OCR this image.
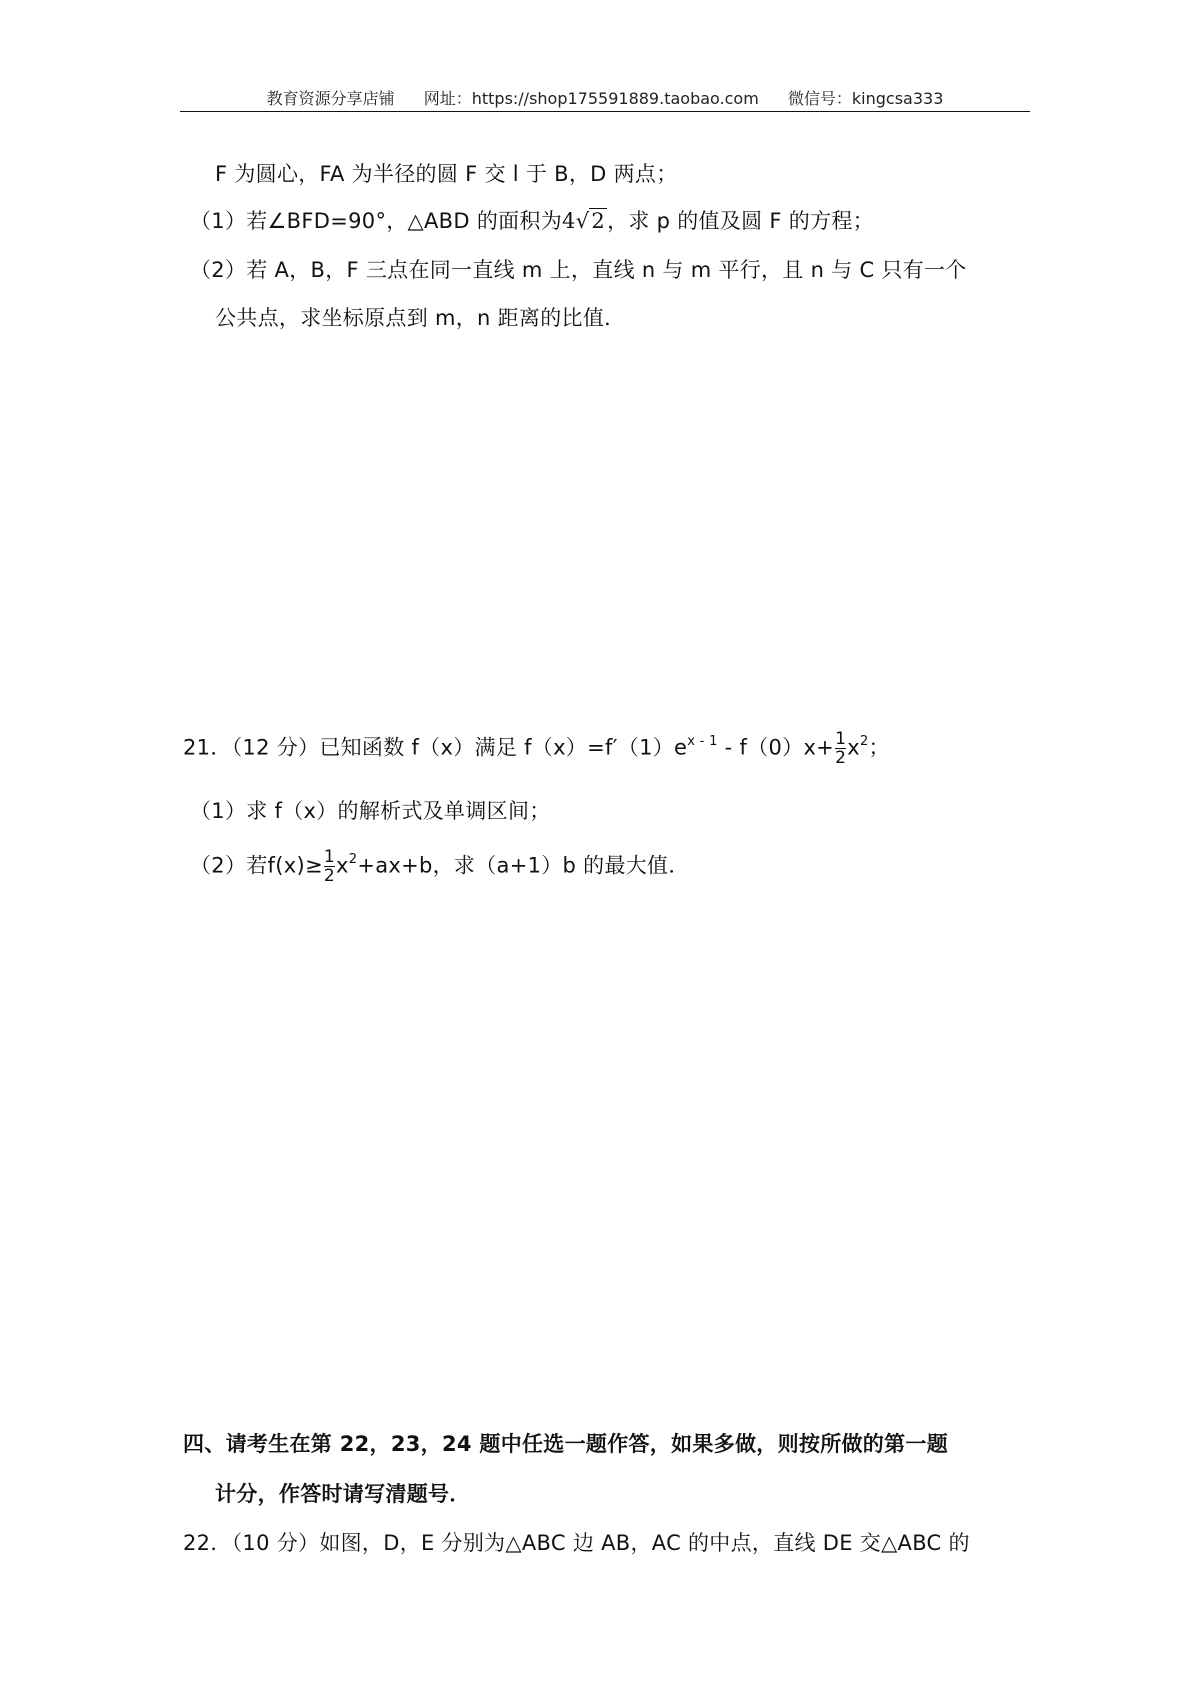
教育资源分享店铺 网址：https://shop175591889.taobao.com 微信号：kingcsa333
F 为圆心，FA 为半径的圆 F 交 l 于 B，D 两点；
（1）若∠BFD=90°，△ABD 的面积为4√2，求 p 的值及圆 F 的方程；
（2）若 A，B，F 三点在同一直线 m 上，直线 n 与 m 平行，且 n 与 C 只有一个
公共点，求坐标原点到 m，n 距离的比值．
21．（12 分）已知函数 f（x）满足 $f(x)=f'(1)e^{x - 1} - f(0)x+ \frac{1}{2} x^2$；
（1）求 f（x）的解析式及单调区间；
（2）若$f(x)\ge \frac{1}{2} x^2+ax+b$，求（a+1）b 的最大值．
四、请考生在第 22，23，24 题中任选一题作答，如果多做，则按所做的第一题
计分，作答时请写清题号．
22．（10 分）如图，D，E 分别为△ABC 边 AB，AC 的中点，直线 DE 交△ABC 的
